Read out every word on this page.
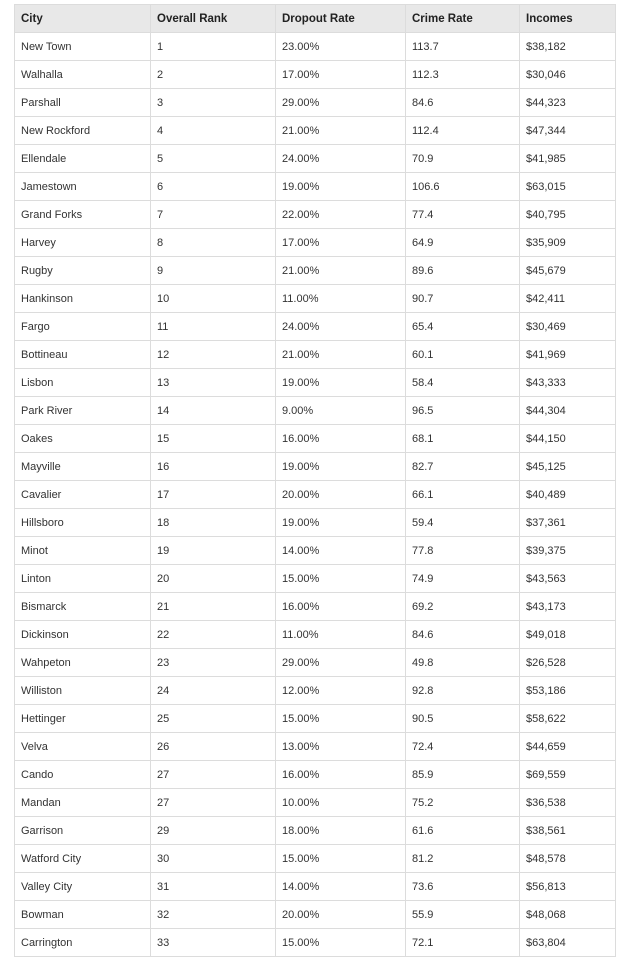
City	Overall Rank	Dropout Rate	Crime Rate	Incomes
New Town	1	23.00%	113.7	$38,182
Walhalla	2	17.00%	112.3	$30,046
Parshall	3	29.00%	84.6	$44,323
New Rockford	4	21.00%	112.4	$47,344
Ellendale	5	24.00%	70.9	$41,985
Jamestown	6	19.00%	106.6	$63,015
Grand Forks	7	22.00%	77.4	$40,795
Harvey	8	17.00%	64.9	$35,909
Rugby	9	21.00%	89.6	$45,679
Hankinson	10	11.00%	90.7	$42,411
Fargo	11	24.00%	65.4	$30,469
Bottineau	12	21.00%	60.1	$41,969
Lisbon	13	19.00%	58.4	$43,333
Park River	14	9.00%	96.5	$44,304
Oakes	15	16.00%	68.1	$44,150
Mayville	16	19.00%	82.7	$45,125
Cavalier	17	20.00%	66.1	$40,489
Hillsboro	18	19.00%	59.4	$37,361
Minot	19	14.00%	77.8	$39,375
Linton	20	15.00%	74.9	$43,563
Bismarck	21	16.00%	69.2	$43,173
Dickinson	22	11.00%	84.6	$49,018
Wahpeton	23	29.00%	49.8	$26,528
Williston	24	12.00%	92.8	$53,186
Hettinger	25	15.00%	90.5	$58,622
Velva	26	13.00%	72.4	$44,659
Cando	27	16.00%	85.9	$69,559
Mandan	27	10.00%	75.2	$36,538
Garrison	29	18.00%	61.6	$38,561
Watford City	30	15.00%	81.2	$48,578
Valley City	31	14.00%	73.6	$56,813
Bowman	32	20.00%	55.9	$48,068
Carrington	33	15.00%	72.1	$63,804
